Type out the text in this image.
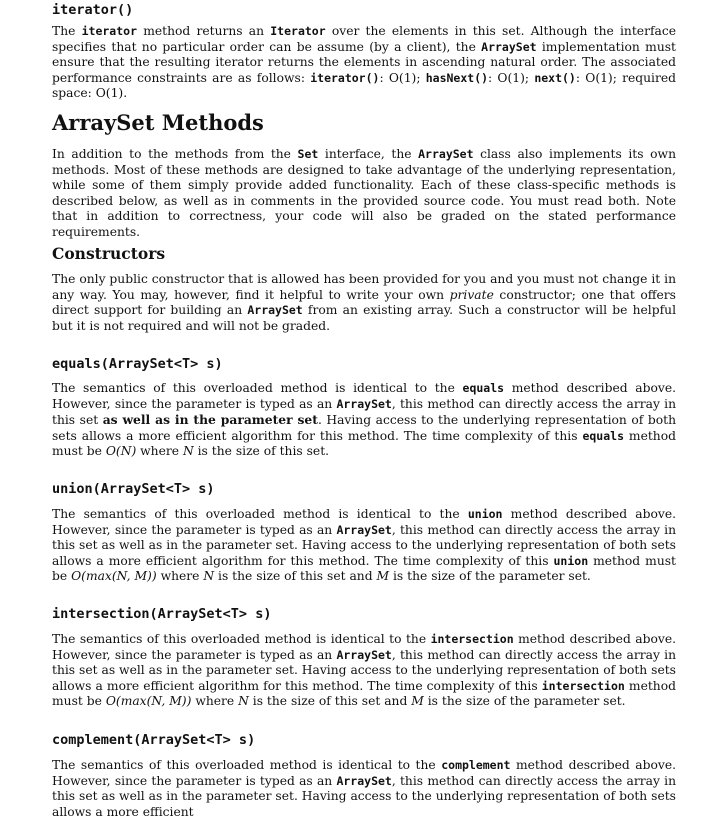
iterator()

The iterator method returns an Iterator over the elements in this set. Although the interface specifies that no particular order can be assume (by a client), the ArraySet implementation must ensure that the resulting iterator returns the elements in ascending natural order. The associated performance constraints are as follows: iterator(): O(1); hasNext(): O(1); next(): O(1); required space: O(1).

ArraySet Methods

In addition to the methods from the Set interface, the ArraySet class also implements its own methods. Most of these methods are designed to take advantage of the underlying representation, while some of them simply provide added functionality. Each of these class-specific methods is described below, as well as in comments in the provided source code. You must read both. Note that in addition to correctness, your code will also be graded on the stated performance requirements.

Constructors

The only public constructor that is allowed has been provided for you and you must not change it in any way. You may, however, find it helpful to write your own private constructor; one that offers direct support for building an ArraySet from an existing array. Such a constructor will be helpful but it is not required and will not be graded.

equals(ArraySet<T> s)

The semantics of this overloaded method is identical to the equals method described above. However, since the parameter is typed as an ArraySet, this method can directly access the array in this set as well as in the parameter set. Having access to the underlying representation of both sets allows a more efficient algorithm for this method. The time complexity of this equals method must be O(N) where N is the size of this set.

union(ArraySet<T> s)

The semantics of this overloaded method is identical to the union method described above. However, since the parameter is typed as an ArraySet, this method can directly access the array in this set as well as in the parameter set. Having access to the underlying representation of both sets allows a more efficient algorithm for this method. The time complexity of this union method must be O(max(N, M)) where N is the size of this set and M is the size of the parameter set.

intersection(ArraySet<T> s)

The semantics of this overloaded method is identical to the intersection method described above. However, since the parameter is typed as an ArraySet, this method can directly access the array in this set as well as in the parameter set. Having access to the underlying representation of both sets allows a more efficient algorithm for this method. The time complexity of this intersection method must be O(max(N, M)) where N is the size of this set and M is the size of the parameter set.

complement(ArraySet<T> s)

The semantics of this overloaded method is identical to the complement method described above. However, since the parameter is typed as an ArraySet, this method can directly access the array in this set as well as in the parameter set. Having access to the underlying representation of both sets allows a more efficient
